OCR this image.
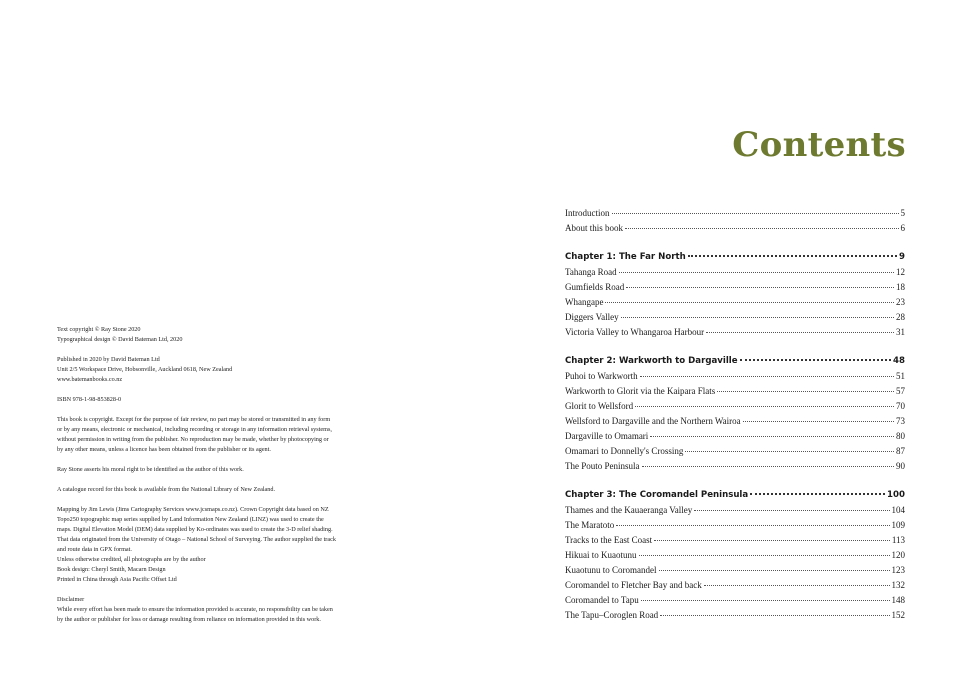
Text copyright © Ray Stone 2020

Typographical design © David Bateman Ltd, 2020

Published in 2020 by David Bateman Ltd

Unit 2/5 Workspace Drive, Hobsonville, Auckland 0618, New Zealand

www.batemanbooks.co.nz

ISBN 978-1-98-853828-0

This book is copyright. Except for the purpose of fair review, no part may be stored or transmitted in any form

or by any means, electronic or mechanical, including recording or storage in any information retrieval systems,

without permission in writing from the publisher. No reproduction may be made, whether by photocopying or

by any other means, unless a licence has been obtained from the publisher or its agent.

Ray Stone asserts his moral right to be identified as the author of this work.

A catalogue record for this book is available from the National Library of New Zealand.

Mapping by Jim Lewis (Jims Cartography Services www.jcsmaps.co.nz). Crown Copyright data based on NZ

Topo250 topographic map series supplied by Land Information New Zealand (LINZ) was used to create the

maps. Digital Elevation Model (DEM) data supplied by Ko-ordinates was used to create the 3-D relief shading.

That data originated from the University of Otago – National School of Surveying. The author supplied the track

and route data in GPX format.

Unless otherwise credited, all photographs are by the author

Book design: Cheryl Smith, Macarn Design

Printed in China through Asia Pacific Offset Ltd

Disclaimer

While every effort has been made to ensure the information provided is accurate, no responsibility can be taken

by the author or publisher for loss or damage resulting from reliance on information provided in this work.

Contents
Introduction	5
About this book	6
Chapter 1: The Far North	9
Tahanga Road	12
Gumfields Road	18
Whangape	23
Diggers Valley	28
Victoria Valley to Whangaroa Harbour	31
Chapter 2: Warkworth to Dargaville	48
Puhoi to Warkworth	51
Warkworth to Glorit via the Kaipara Flats	57
Glorit to Wellsford	70
Wellsford to Dargaville and the Northern Wairoa	73
Dargaville to Omamari	80
Omamari to Donnelly's Crossing	87
The Pouto Peninsula	90
Chapter 3: The Coromandel Peninsula	100
Thames and the Kauaeranga Valley	104
The Maratoto	109
Tracks to the East Coast	113
Hikuai to Kuaotunu	120
Kuaotunu to Coromandel	123
Coromandel to Fletcher Bay and back	132
Coromandel to Tapu	148
The Tapu–Coroglen Road	152
